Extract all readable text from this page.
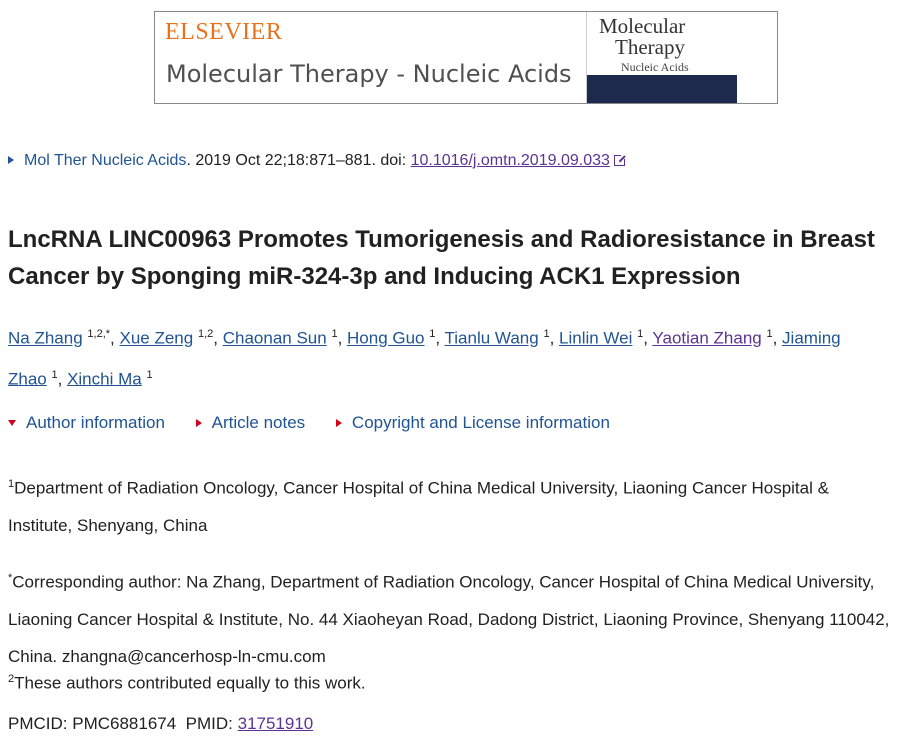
ELSEVIER
Molecular Therapy - Nucleic Acids
Molecular
Therapy
Nucleic Acids
Mol Ther Nucleic Acids. 2019 Oct 22;18:871–881. doi: 10.1016/j.omtn.2019.09.033
LncRNA LINC00963 Promotes Tumorigenesis and Radioresistance in Breast Cancer by Sponging miR-324-3p and Inducing ACK1 Expression
Na Zhang $^{1,2,*}$, Xue Zeng $^{1,2}$, Chaonan Sun $^1$, Hong Guo $^1$, Tianlu Wang $^1$, Linlin Wei $^1$, Yaotian Zhang $^1$, Jiaming Zhao $^1$, Xinchi Ma $^1$
Author information	Article notes	Copyright and License information
$^1$Department of Radiation Oncology, Cancer Hospital of China Medical University, Liaoning Cancer Hospital & Institute, Shenyang, China
*Corresponding author: Na Zhang, Department of Radiation Oncology, Cancer Hospital of China Medical University, Liaoning Cancer Hospital & Institute, No. 44 Xiaoheyan Road, Dadong District, Liaoning Province, Shenyang 110042, China. zhangna@cancerhosp-ln-cmu.com
$^2$These authors contributed equally to this work.
PMCID: PMC6881674 PMID: 31751910
